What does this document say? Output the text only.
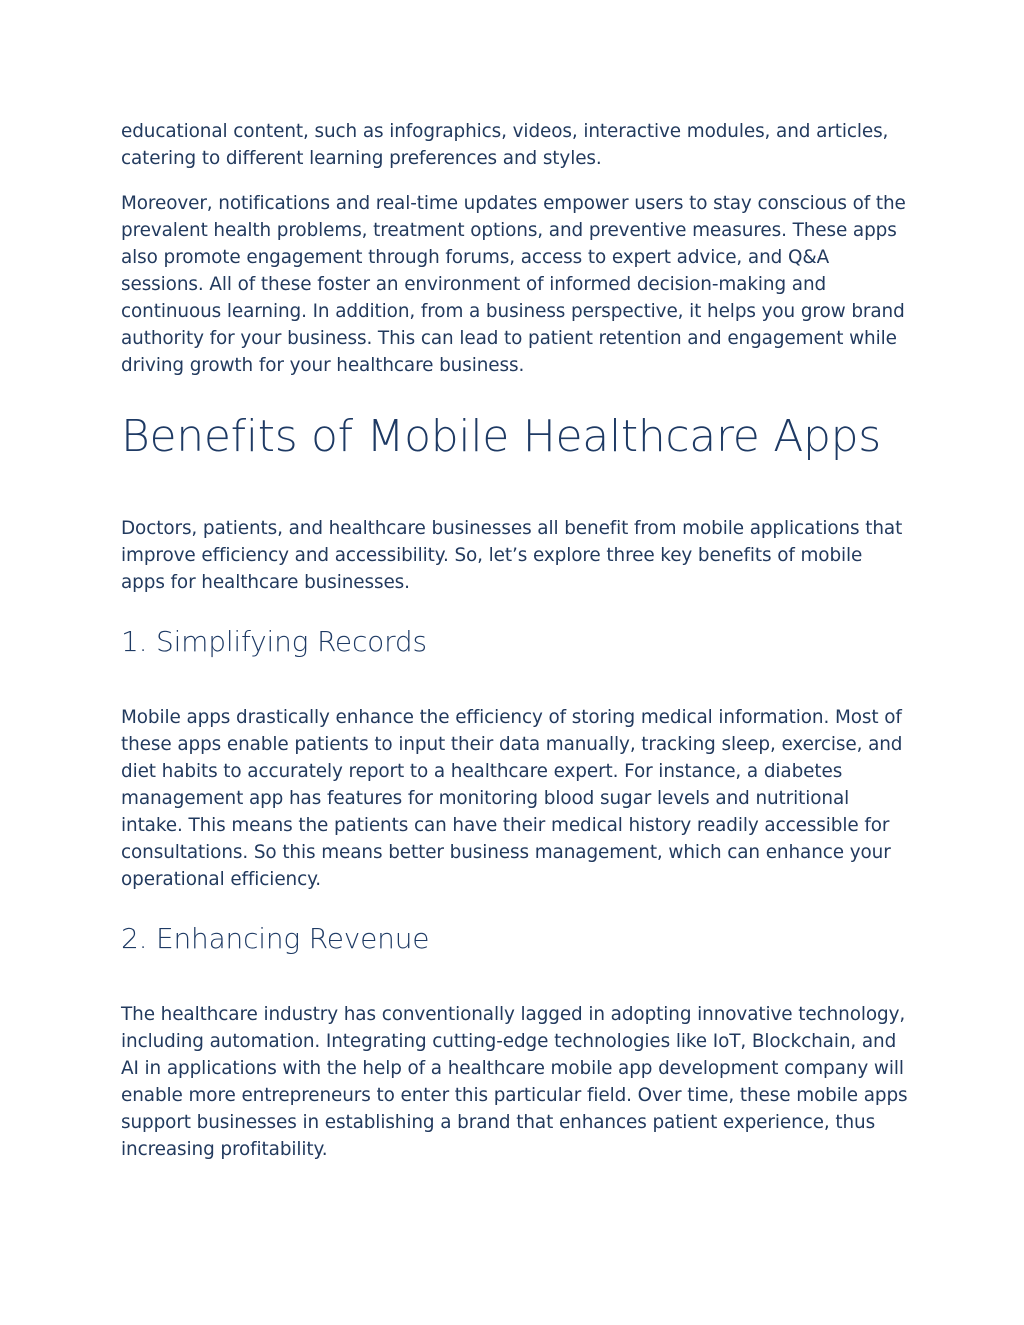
educational content, such as infographics, videos, interactive modules, and articles, catering to different learning preferences and styles.

Moreover, notifications and real-time updates empower users to stay conscious of the prevalent health problems, treatment options, and preventive measures. These apps also promote engagement through forums, access to expert advice, and Q&A sessions. All of these foster an environment of informed decision-making and continuous learning. In addition, from a business perspective, it helps you grow brand authority for your business. This can lead to patient retention and engagement while driving growth for your healthcare business.

Benefits of Mobile Healthcare Apps

Doctors, patients, and healthcare businesses all benefit from mobile applications that improve efficiency and accessibility. So, let’s explore three key benefits of mobile apps for healthcare businesses.

1. Simplifying Records

Mobile apps drastically enhance the efficiency of storing medical information. Most of these apps enable patients to input their data manually, tracking sleep, exercise, and diet habits to accurately report to a healthcare expert. For instance, a diabetes management app has features for monitoring blood sugar levels and nutritional intake. This means the patients can have their medical history readily accessible for consultations. So this means better business management, which can enhance your operational efficiency.

2. Enhancing Revenue

The healthcare industry has conventionally lagged in adopting innovative technology, including automation. Integrating cutting-edge technologies like IoT, Blockchain, and AI in applications with the help of a healthcare mobile app development company will enable more entrepreneurs to enter this particular field. Over time, these mobile apps support businesses in establishing a brand that enhances patient experience, thus increasing profitability.
